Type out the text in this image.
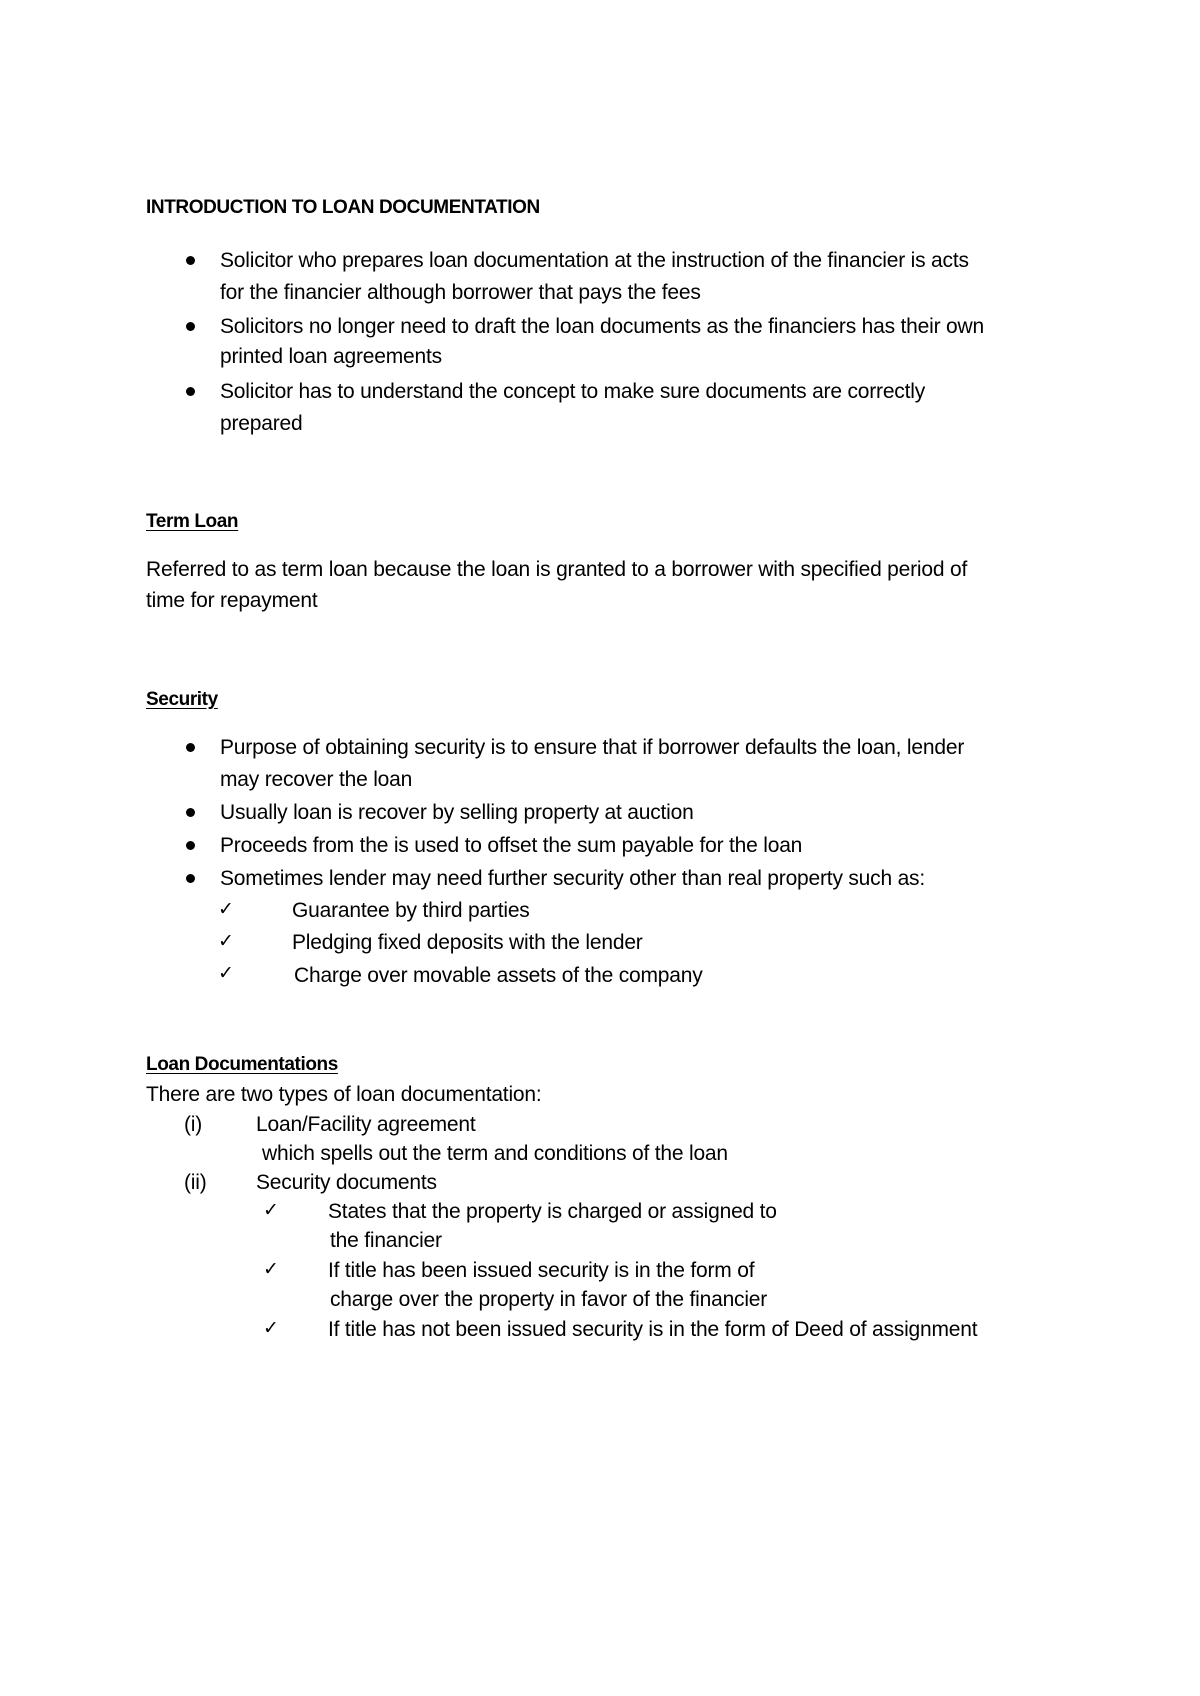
INTRODUCTION TO LOAN DOCUMENTATION
Solicitor who prepares loan documentation at the instruction of the financier is acts
for the financier although borrower that pays the fees
Solicitors no longer need to draft the loan documents as the financiers has their own
printed loan agreements
Solicitor has to understand the concept to make sure documents are correctly
prepared
Term Loan
Referred to as term loan because the loan is granted to a borrower with specified period of
time for repayment
Security
Purpose of obtaining security is to ensure that if borrower defaults the loan, lender
may recover the loan
Usually loan is recover by selling property at auction
Proceeds from the is used to offset the sum payable for the loan
Sometimes lender may need further security other than real property such as:
✓	Guarantee by third parties
✓	Pledging fixed deposits with the lender
✓	Charge over movable assets of the company
Loan Documentations
There are two types of loan documentation:
(i)	Loan/Facility agreement
which spells out the term and conditions of the loan
(ii) Security documents
✓ States that the property is charged or assigned to
the financier
✓ If title has been issued security is in the form of
charge over the property in favor of the financier
✓ If title has not been issued security is in the form of Deed of assignment
